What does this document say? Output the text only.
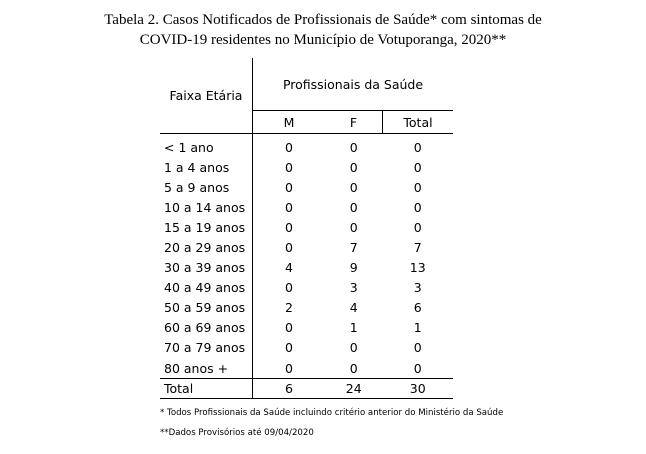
Tabela 2. Casos Notificados de Profissionais de Saúde* com sintomas de
COVID-19 residentes no Município de Votuporanga, 2020**
Faixa Etária	Profissionais da Saúde		
	M	F	Total
< 1 ano	0	0	0
1 a 4 anos	0	0	0
5 a 9 anos	0	0	0
10 a 14 anos	0	0	0
15 a 19 anos	0	0	0
20 a 29 anos	0	7	7
30 a 39 anos	4	9	13
40 a 49 anos	0	3	3
50 a 59 anos	2	4	6
60 a 69 anos	0	1	1
70 a 79 anos	0	0	0
80 anos +	0	0	0
Total	6	24	30
* Todos Profissionais da Saúde incluindo critério anterior do Ministério da Saúde
**Dados Provisórios até 09/04/2020
